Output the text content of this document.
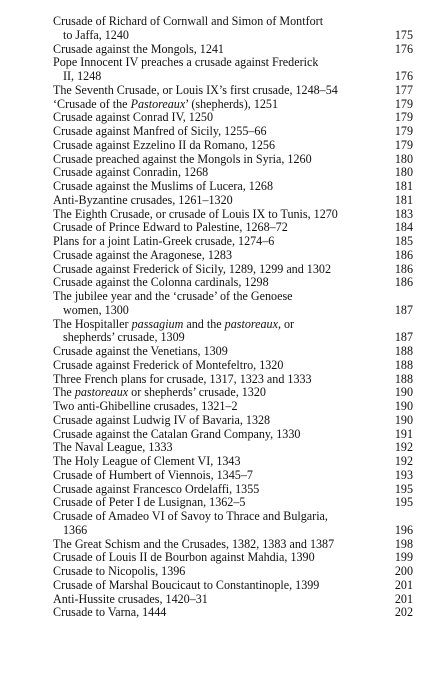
Crusade of Richard of Cornwall and Simon of Montfort
to Jaffa, 1240	175
Crusade against the Mongols, 1241	176
Pope Innocent IV preaches a crusade against Frederick
II, 1248	176
The Seventh Crusade, or Louis IX’s first crusade, 1248–54	177
‘Crusade of the Pastoreaux’ (shepherds), 1251	179
Crusade against Conrad IV, 1250	179
Crusade against Manfred of Sicily, 1255–66	179
Crusade against Ezzelino II da Romano, 1256	179
Crusade preached against the Mongols in Syria, 1260	180
Crusade against Conradin, 1268	180
Crusade against the Muslims of Lucera, 1268	181
Anti-Byzantine crusades, 1261–1320	181
The Eighth Crusade, or crusade of Louis IX to Tunis, 1270	183
Crusade of Prince Edward to Palestine, 1268–72	184
Plans for a joint Latin-Greek crusade, 1274–6	185
Crusade against the Aragonese, 1283	186
Crusade against Frederick of Sicily, 1289, 1299 and 1302	186
Crusade against the Colonna cardinals, 1298	186
The jubilee year and the ‘crusade’ of the Genoese
women, 1300	187
The Hospitaller passagium and the pastoreaux, or
shepherds’ crusade, 1309	187
Crusade against the Venetians, 1309	188
Crusade against Frederick of Montefeltro, 1320	188
Three French plans for crusade, 1317, 1323 and 1333	188
The pastoreaux or shepherds’ crusade, 1320	190
Two anti-Ghibelline crusades, 1321–2	190
Crusade against Ludwig IV of Bavaria, 1328	190
Crusade against the Catalan Grand Company, 1330	191
The Naval League, 1333	192
The Holy League of Clement VI, 1343	192
Crusade of Humbert of Viennois, 1345–7	193
Crusade against Francesco Ordelaffi, 1355	195
Crusade of Peter I de Lusignan, 1362–5	195
Crusade of Amadeo VI of Savoy to Thrace and Bulgaria,
1366	196
The Great Schism and the Crusades, 1382, 1383 and 1387	198
Crusade of Louis II de Bourbon against Mahdia, 1390	199
Crusade to Nicopolis, 1396	200
Crusade of Marshal Boucicaut to Constantinople, 1399	201
Anti-Hussite crusades, 1420–31	201
Crusade to Varna, 1444	202
